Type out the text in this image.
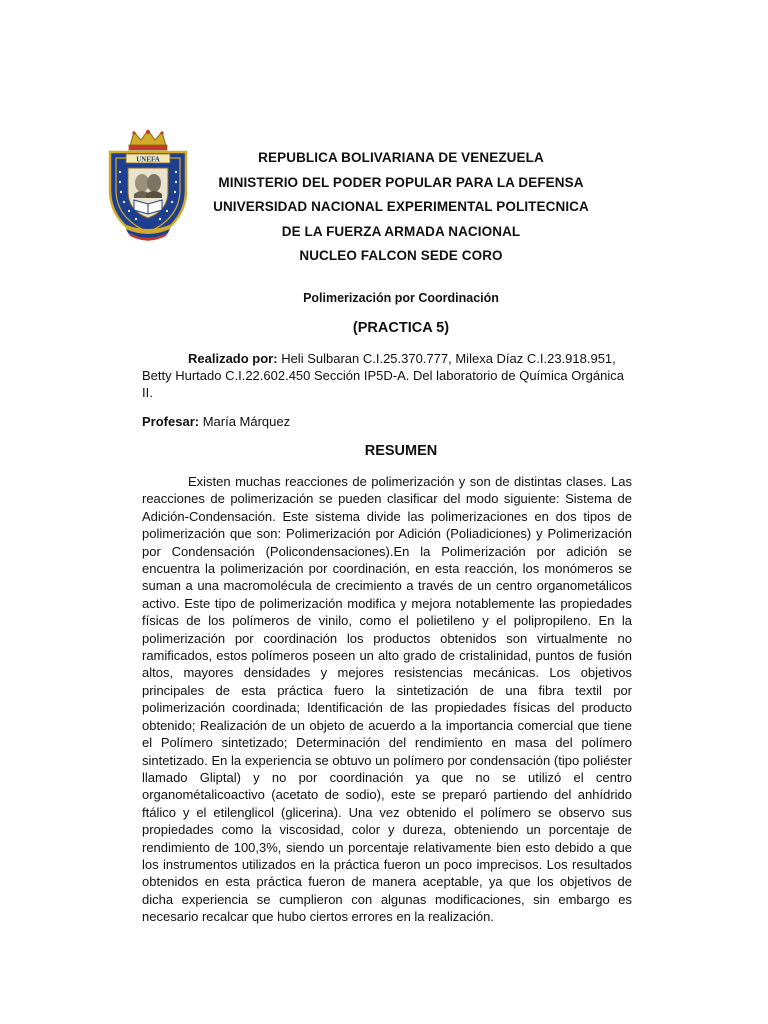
UNEFA	REPUBLICA BOLIVARIANA DE VENEZUELA
MINISTERIO DEL PODER POPULAR PARA LA DEFENSA
UNIVERSIDAD NACIONAL EXPERIMENTAL POLITECNICA
DE LA FUERZA ARMADA NACIONAL
NUCLEO FALCON SEDE CORO
Polimerización por Coordinación
(PRACTICA 5)
Realizado por: Heli Sulbaran C.I.25.370.777, Milexa Díaz C.I.23.918.951, Betty Hurtado C.I.22.602.450 Sección IP5D-A. Del laboratorio de Química Orgánica II.
Profesar: María Márquez
RESUMEN
Existen muchas reacciones de polimerización y son de distintas clases. Las reacciones de polimerización se pueden clasificar del modo siguiente: Sistema de Adición-Condensación. Este sistema divide las polimerizaciones en dos tipos de polimerización que son: Polimerización por Adición (Poliadiciones) y Polimerización por Condensación (Policondensaciones).En la Polimerización por adición se encuentra la polimerización por coordinación, en esta reacción, los monómeros se suman a una macromolécula de crecimiento a través de un centro organometálicos activo. Este tipo de polimerización modifica y mejora notablemente las propiedades físicas de los polímeros de vinilo, como el polietileno y el polipropileno. En la polimerización por coordinación los productos obtenidos son virtualmente no ramificados, estos polímeros poseen un alto grado de cristalinidad, puntos de fusión altos, mayores densidades y mejores resistencias mecánicas. Los objetivos principales de esta práctica fuero la sintetización de una fibra textil por polimerización coordinada; Identificación de las propiedades físicas del producto obtenido; Realización de un objeto de acuerdo a la importancia comercial que tiene el Polímero sintetizado; Determinación del rendimiento en masa del polímero sintetizado. En la experiencia se obtuvo un polímero por condensación (tipo poliéster llamado Gliptal) y no por coordinación ya que no se utilizó el centro organométalicoactivo (acetato de sodio), este se preparó partiendo del anhídrido ftálico y el etilenglicol (glicerina). Una vez obtenido el polímero se observo sus propiedades como la viscosidad, color y dureza, obteniendo un porcentaje de rendimiento de 100,3%, siendo un porcentaje relativamente bien esto debido a que los instrumentos utilizados en la práctica fueron un poco imprecisos. Los resultados obtenidos en esta práctica fueron de manera aceptable, ya que los objetivos de dicha experiencia se cumplieron con algunas modificaciones, sin embargo es necesario recalcar que hubo ciertos errores en la realización.
